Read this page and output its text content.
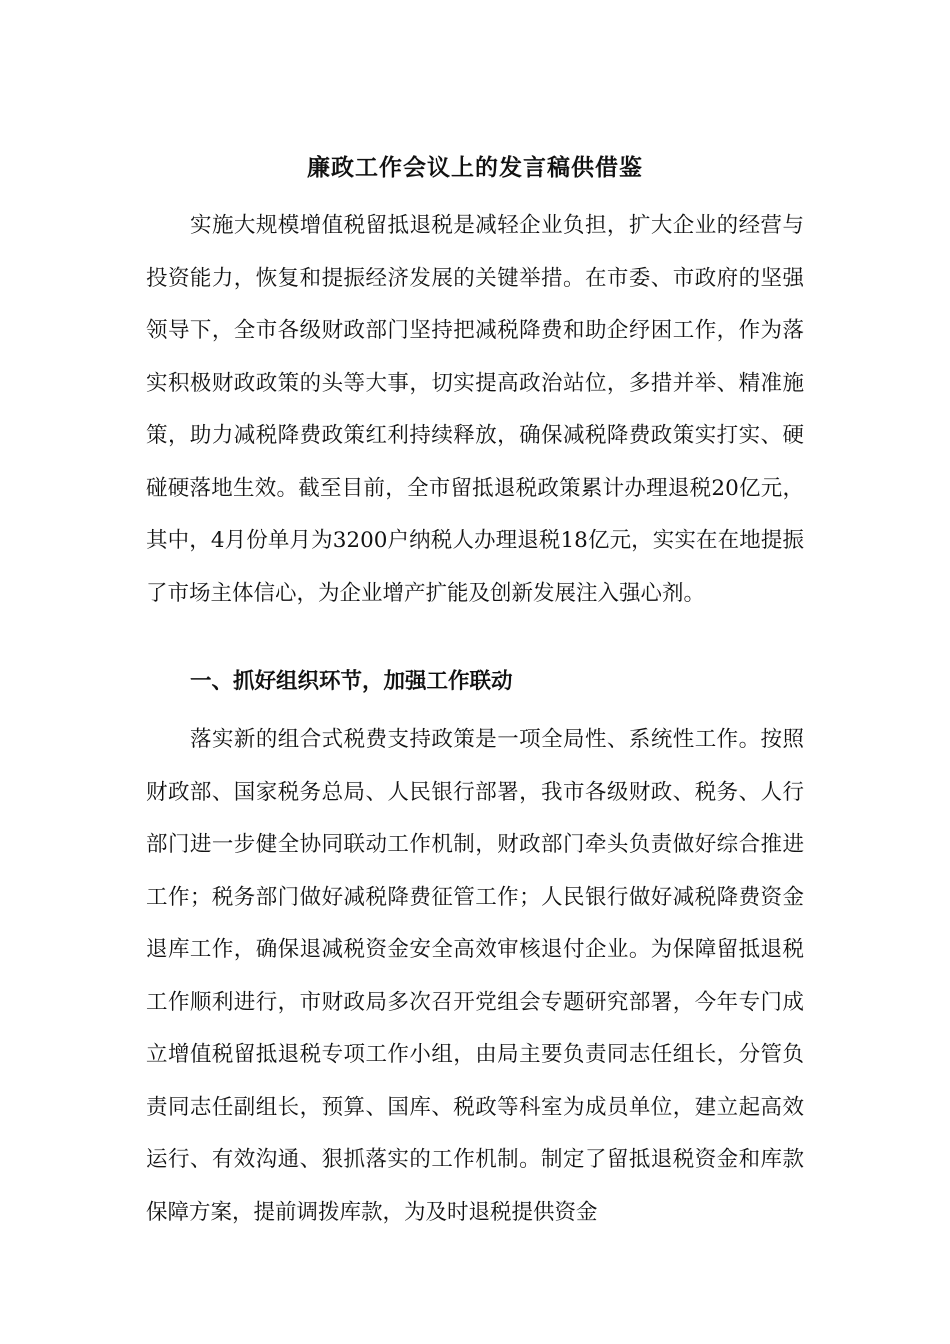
廉政工作会议上的发言稿供借鉴

实施大规模增值税留抵退税是减轻企业负担，扩大企业的经营与投资能力，恢复和提振经济发展的关键举措。在市委、市政府的坚强领导下，全市各级财政部门坚持把减税降费和助企纾困工作，作为落实积极财政政策的头等大事，切实提高政治站位，多措并举、精准施策，助力减税降费政策红利持续释放，确保减税降费政策实打实、硬碰硬落地生效。截至目前，全市留抵退税政策累计办理退税20亿元，其中，4月份单月为3200户纳税人办理退税18亿元，实实在在地提振了市场主体信心，为企业增产扩能及创新发展注入强心剂。

一、抓好组织环节，加强工作联动

落实新的组合式税费支持政策是一项全局性、系统性工作。按照财政部、国家税务总局、人民银行部署，我市各级财政、税务、人行部门进一步健全协同联动工作机制，财政部门牵头负责做好综合推进工作；税务部门做好减税降费征管工作；人民银行做好减税降费资金退库工作，确保退减税资金安全高效审核退付企业。为保障留抵退税工作顺利进行，市财政局多次召开党组会专题研究部署，今年专门成立增值税留抵退税专项工作小组，由局主要负责同志任组长，分管负责同志任副组长，预算、国库、税政等科室为成员单位，建立起高效运行、有效沟通、狠抓落实的工作机制。制定了留抵退税资金和库款保障方案，提前调拨库款，为及时退税提供资金
